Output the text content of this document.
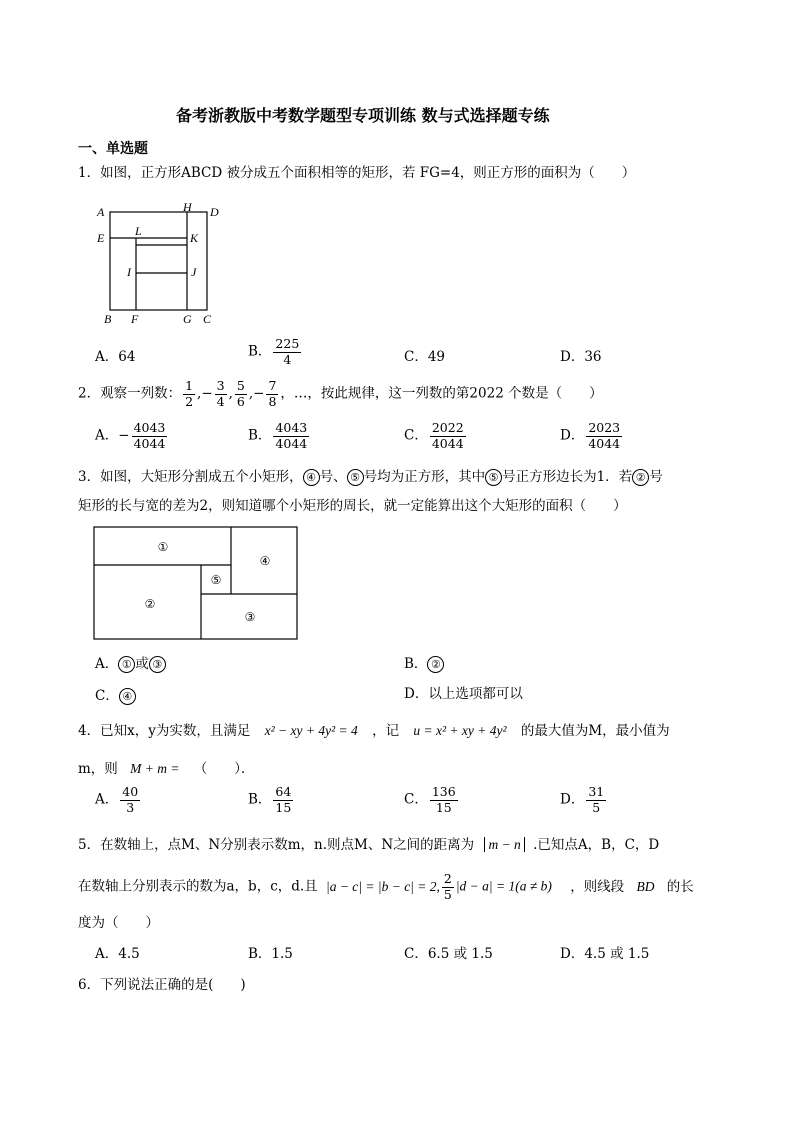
备考浙教版中考数学题型专项训练 数与式选择题专练
一、单选题
1．如图，正方形ABCD 被分成五个面积相等的矩形，若 FG=4，则正方形的面积为（　　）
A	H D
E	L	K
I	J
B F	G C
A．64	B． $\frac{225}{4}$	C．49	D．36
2．观察一列数： $\frac{1}{2}$ ,− $\frac{3}{4}$ , $\frac{5}{6}$ ,− $\frac{7}{8}$ ，…，按此规律，这一列数的第2022 个数是（　　）
A．− $\frac{4043}{4044}$	B． $\frac{4043}{4044}$	C． $\frac{2022}{4044}$	D． $\frac{2023}{4044}$
3．如图，大矩形分割成五个小矩形， ④ 号、 ⑤ 号均为正方形，其中 ⑤ 号正方形边长为1．若 ② 号
矩形的长与宽的差为2，则知道哪个小矩形的周长，就一定能算出这个大矩形的面积（　　）
①
④
⑤
②
③
A． ① 或 ③	B． ②
C． ④	D．以上选项都可以
4．已知x，y为实数，且满足 x² − xy + 4y² = 4 ，记 u = x² + xy + 4y² 的最大值为M，最小值为
m，则 M + m = （　　）．
A． $\frac{40}{3}$	B． $\frac{64}{15}$	C． $\frac{136}{15}$	D． $\frac{31}{5}$
5．在数轴上，点M、N分别表示数m，n.则点M、N之间的距离为 m − n .已知点A，B，C，D
在数轴上分别表示的数为a，b，c，d.且 |a − c| = |b − c| = 2, $\frac{2}{5} |d - a| = 1(a \ne b)$ ，则线段 BD 的长
度为（　　）
A．4.5	B．1.5	C．6.5 或 1.5	D．4.5 或 1.5
6．下列说法正确的是(　　)
